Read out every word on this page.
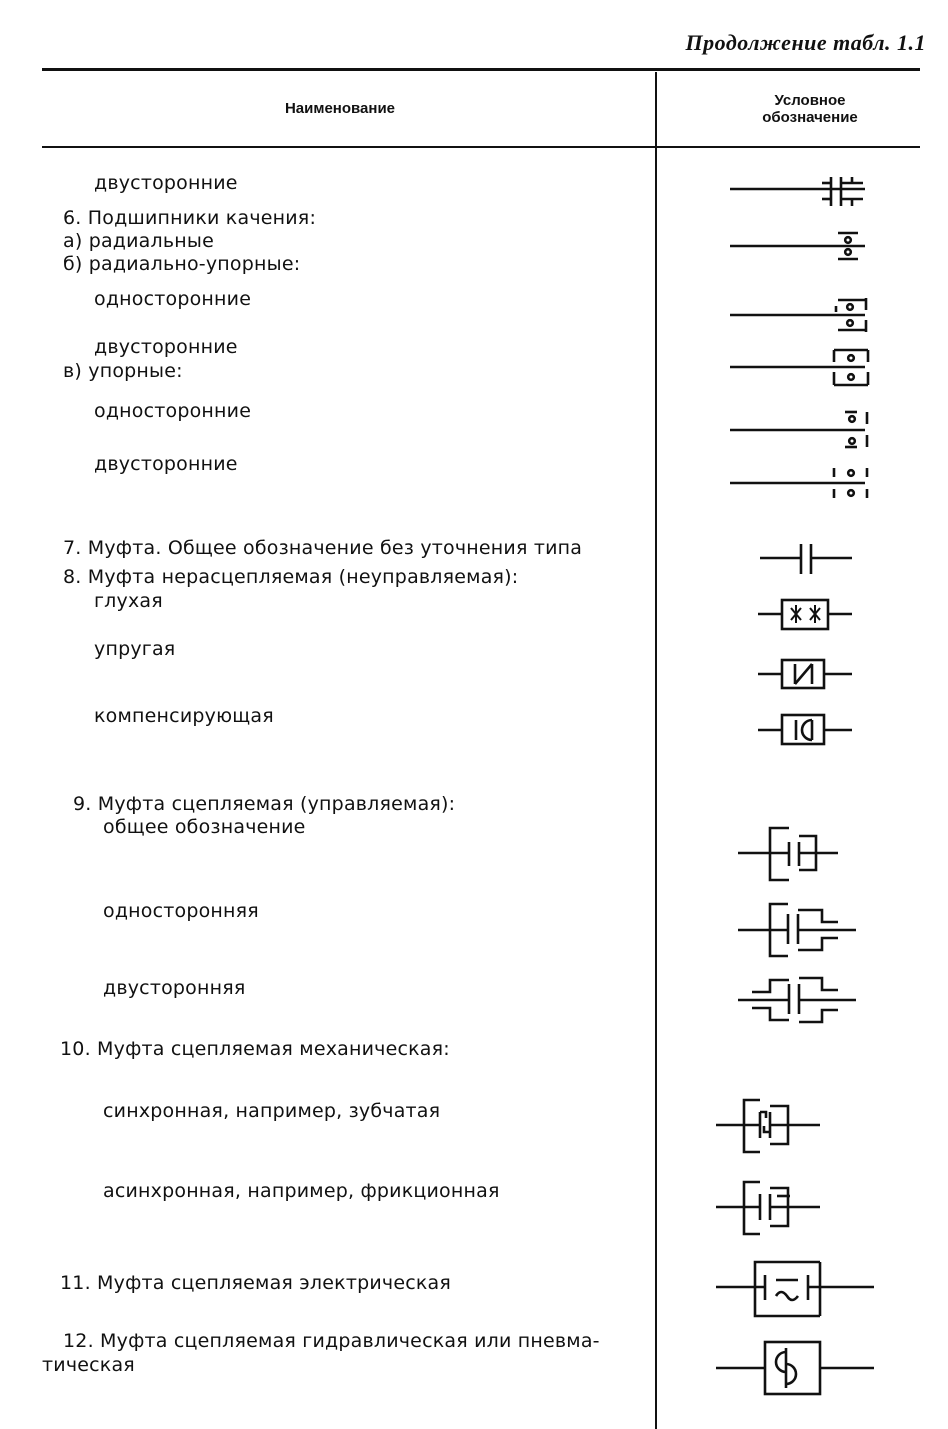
Продолжение табл. 1.1
Наименование	Условное обозначение
двусторонние
6. Подшипники качения:
а) радиальные
б) радиально-упорные:
односторонние
двусторонние
в) упорные:
односторонние
двусторонние
7. Муфта. Общее обозначение без уточнения типа
8. Муфта нерасцепляемая (неуправляемая):
глухая
упругая
компенсирующая
9. Муфта сцепляемая (управляемая):
общее обозначение
односторонняя
двусторонняя
10. Муфта сцепляемая механическая:
синхронная, например, зубчатая
асинхронная, например, фрикционная
11. Муфта сцепляемая электрическая
12. Муфта сцепляемая гидравлическая или пневма-
тическая
